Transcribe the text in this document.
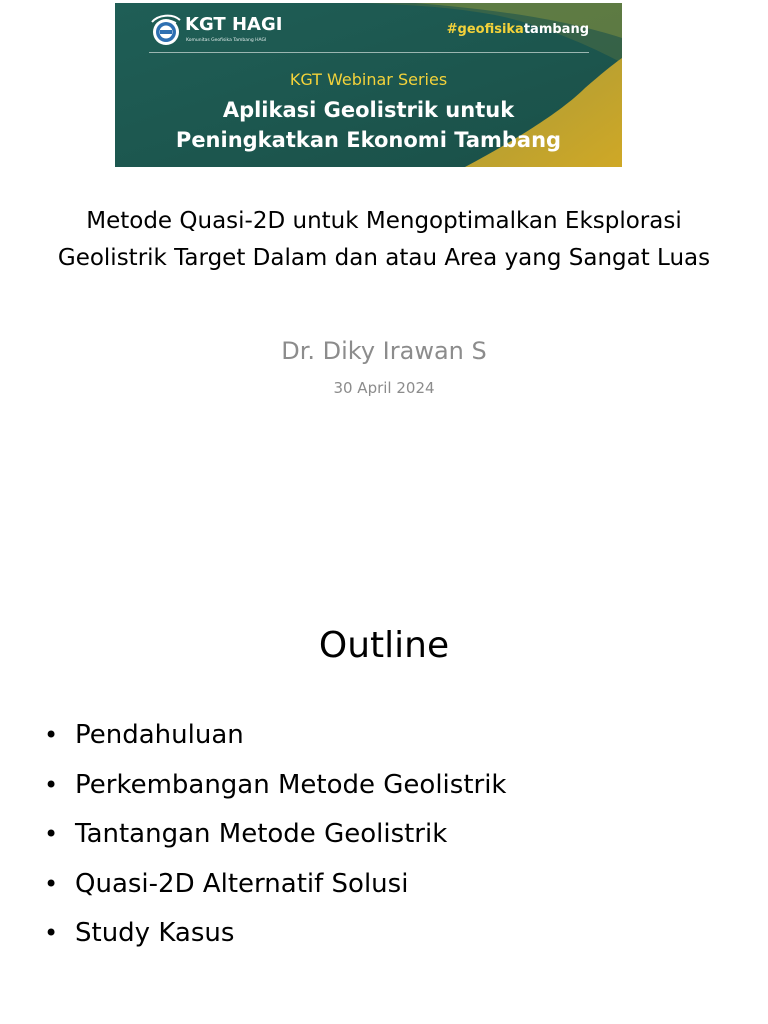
KGT HAGI
Komunitas Geofisika Tambang HAGI
#geofisikatambang
KGT Webinar Series
Aplikasi Geolistrik untuk
Peningkatkan Ekonomi Tambang
Metode Quasi-2D untuk Mengoptimalkan Eksplorasi
Geolistrik Target Dalam dan atau Area yang Sangat Luas
Dr. Diky Irawan S
30 April 2024
Outline
• Pendahuluan
• Perkembangan Metode Geolistrik
• Tantangan Metode Geolistrik
• Quasi-2D Alternatif Solusi
• Study Kasus
